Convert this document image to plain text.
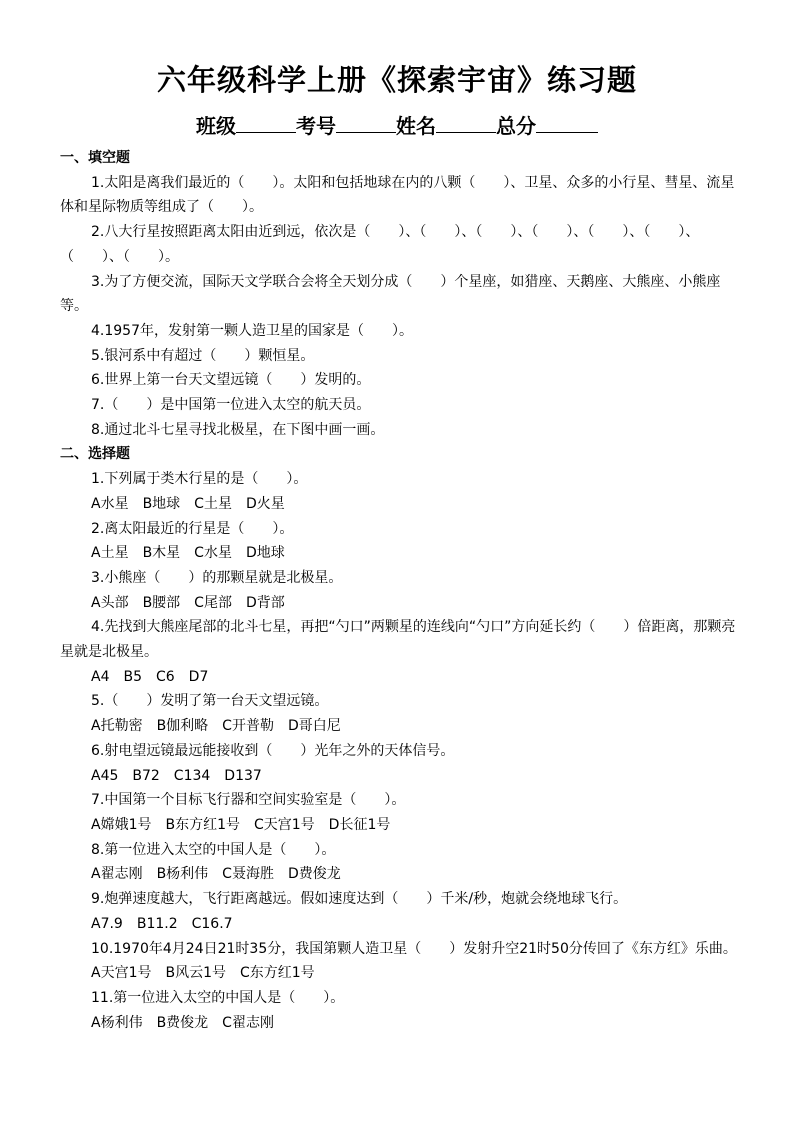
六年级科学上册《探索宇宙》练习题
班级	考号	姓名	总分

一、填空题

1.太阳是离我们最近的（　　）。太阳和包括地球在内的八颗（　　）、卫星、众多的小行星、彗星、流星体和星际物质等组成了（　　）。

2.八大行星按照距离太阳由近到远，依次是（　　）、（　　）、（　　）、（　　）、（　　）、（　　）、（　　）、（　　）。

3.为了方便交流，国际天文学联合会将全天划分成（　　）个星座，如猎座、天鹅座、大熊座、小熊座等。

4.1957年，发射第一颗人造卫星的国家是（　　）。

5.银河系中有超过（　　）颗恒星。

6.世界上第一台天文望远镜（　　）发明的。

7.（　　）是中国第一位进入太空的航天员。

8.通过北斗七星寻找北极星，在下图中画一画。

二、选择题

1.下列属于类木行星的是（　　）。

A水星　B地球　C土星　D火星

2.离太阳最近的行星是（　　）。

A土星　B木星　C水星　D地球

3.小熊座（　　）的那颗星就是北极星。

A头部　B腰部　C尾部　D背部

4.先找到大熊座尾部的北斗七星，再把“勺口”两颗星的连线向“勺口”方向延长约（　　）倍距离，那颗亮星就是北极星。

A4　B5　C6　D7

5.（　　）发明了第一台天文望远镜。

A托勒密　B伽利略　C开普勒　D哥白尼

6.射电望远镜最远能接收到（　　）光年之外的天体信号。

A45　B72　C134　D137

7.中国第一个目标飞行器和空间实验室是（　　）。

A嫦娥1号　B东方红1号　C天宫1号　D长征1号

8.第一位进入太空的中国人是（　　）。

A翟志刚　B杨利伟　C聂海胜　D费俊龙

9.炮弹速度越大，飞行距离越远。假如速度达到（　　）千米/秒，炮就会绕地球飞行。

A7.9　B11.2　C16.7

10.1970年4月24日21时35分，我国第颗人造卫星（　　）发射升空21时50分传回了《东方红》乐曲。

A天宫1号　B风云1号　C东方红1号

11.第一位进入太空的中国人是（　　）。

A杨利伟　B费俊龙　C翟志刚
